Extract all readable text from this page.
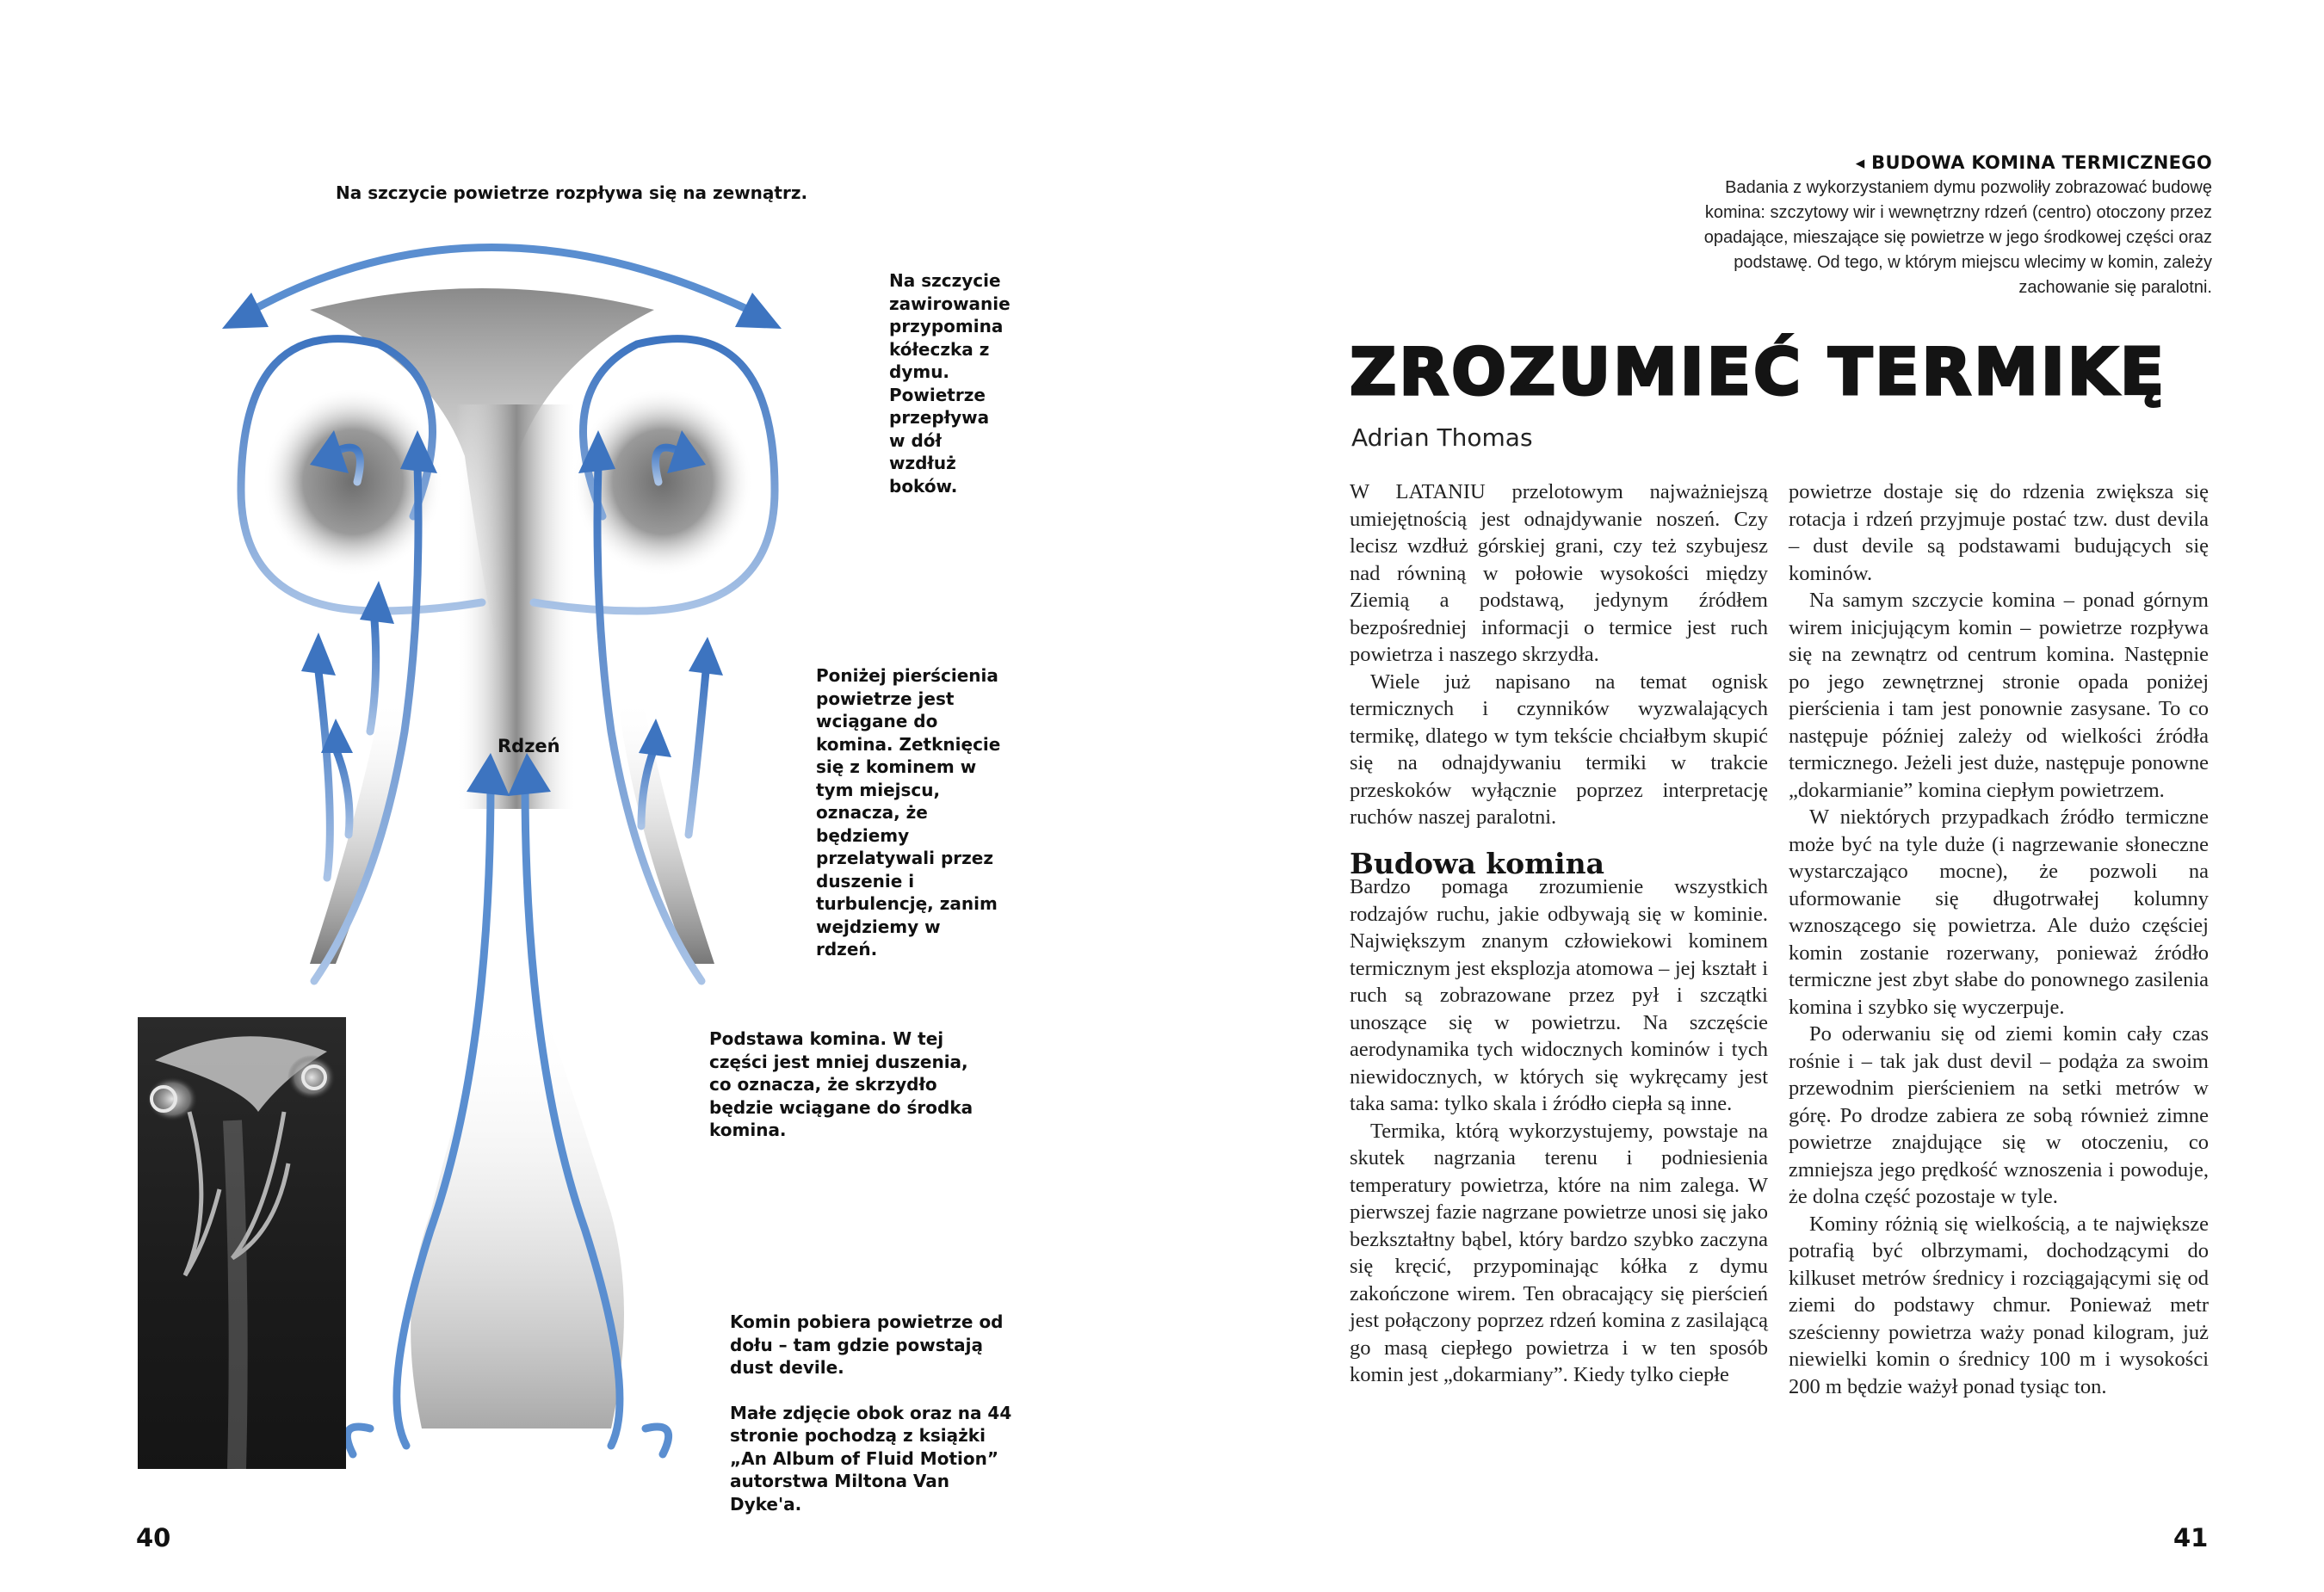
Na szczycie powietrze rozpływa się na zewnątrz.
Rdzeń
Na szczycie zawirowanie przypomina kółeczka z dymu. Powietrze przepływa w dół wzdłuż boków.
Poniżej pierścienia powietrze jest wciągane do komina. Zetknięcie się z kominem w tym miejscu, oznacza, że będziemy przelatywali przez duszenie i turbulencję, zanim wejdziemy w rdzeń.
Podstawa komina. W tej części jest mniej duszenia, co oznacza, że skrzydło będzie wciągane do środka komina.
Komin pobiera powietrze od dołu – tam gdzie powstają dust devile.
Małe zdjęcie obok oraz na 44 stronie pochodzą z książki „An Album of Fluid Motion” autorstwa Miltona Van Dyke'a.
40
◂ BUDOWA KOMINA TERMICZNEGO
Badania z wykorzystaniem dymu pozwoliły zobrazować budowę komina: szczytowy wir i wewnętrzny rdzeń (centro) otoczony przez opadające, mieszające się powietrze w jego środkowej części oraz podstawę. Od tego, w którym miejscu wlecimy w komin, zależy zachowanie się paralotni.
ZROZUMIEĆ TERMIKĘ
Adrian Thomas

W LATANIU przelotowym najważniejszą umiejętnością jest odnajdywanie noszeń. Czy lecisz wzdłuż górskiej grani, czy też szybujesz nad równiną w połowie wysokości między Ziemią a podstawą, jedynym źródłem bezpośredniej informacji o termice jest ruch powietrza i naszego skrzydła.

Wiele już napisano na temat ognisk termicznych i czynników wyzwalających termikę, dlatego w tym tekście chciałbym skupić się na odnajdywaniu termiki w trakcie przeskoków wyłącznie poprzez interpretację ruchów naszej paralotni.

Budowa komina

Bardzo pomaga zrozumienie wszystkich rodzajów ruchu, jakie odbywają się w kominie. Największym znanym człowiekowi kominem termicznym jest eksplozja atomowa – jej kształt i ruch są zobrazowane przez pył i szczątki unoszące się w powietrzu. Na szczęście aerodynamika tych widocznych kominów i tych niewidocznych, w których się wykręcamy jest taka sama: tylko skala i źródło ciepła są inne.

Termika, którą wykorzystujemy, powstaje na skutek nagrzania terenu i podniesienia temperatury powietrza, które na nim zalega. W pierwszej fazie nagrzane powietrze unosi się jako bezkształtny bąbel, który bardzo szybko zaczyna się kręcić, przypominając kółka z dymu zakończone wirem. Ten obracający się pierścień jest połączony poprzez rdzeń komina z zasilającą go masą ciepłego powietrza i w ten sposób komin jest „dokarmiany”. Kiedy tylko ciepłe

powietrze dostaje się do rdzenia zwiększa się rotacja i rdzeń przyjmuje postać tzw. dust devila – dust devile są podstawami budujących się kominów.

Na samym szczycie komina – ponad górnym wirem inicjującym komin – powietrze rozpływa się na zewnątrz od centrum komina. Następnie po jego zewnętrznej stronie opada poniżej pierścienia i tam jest ponownie zasysane. To co następuje później zależy od wielkości źródła termicznego. Jeżeli jest duże, następuje ponowne „dokarmianie” komina ciepłym powietrzem.

W niektórych przypadkach źródło termiczne może być na tyle duże (i nagrzewanie słoneczne wystarczająco mocne), że pozwoli na uformowanie się długotrwałej kolumny wznoszącego się powietrza. Ale dużo częściej komin zostanie rozerwany, ponieważ źródło termiczne jest zbyt słabe do ponownego zasilenia komina i szybko się wyczerpuje.

Po oderwaniu się od ziemi komin cały czas rośnie i – tak jak dust devil – podąża za swoim przewodnim pierścieniem na setki metrów w górę. Po drodze zabiera ze sobą również zimne powietrze znajdujące się w otoczeniu, co zmniejsza jego prędkość wznoszenia i powoduje, że dolna część pozostaje w tyle.

Kominy różnią się wielkością, a te największe potrafią być olbrzymami, dochodzącymi do kilkuset metrów średnicy i rozciągającymi się od ziemi do podstawy chmur. Ponieważ metr sześcienny powietrza waży ponad kilogram, już niewielki komin o średnicy 100 m i wysokości 200 m będzie ważył ponad tysiąc ton.

41
